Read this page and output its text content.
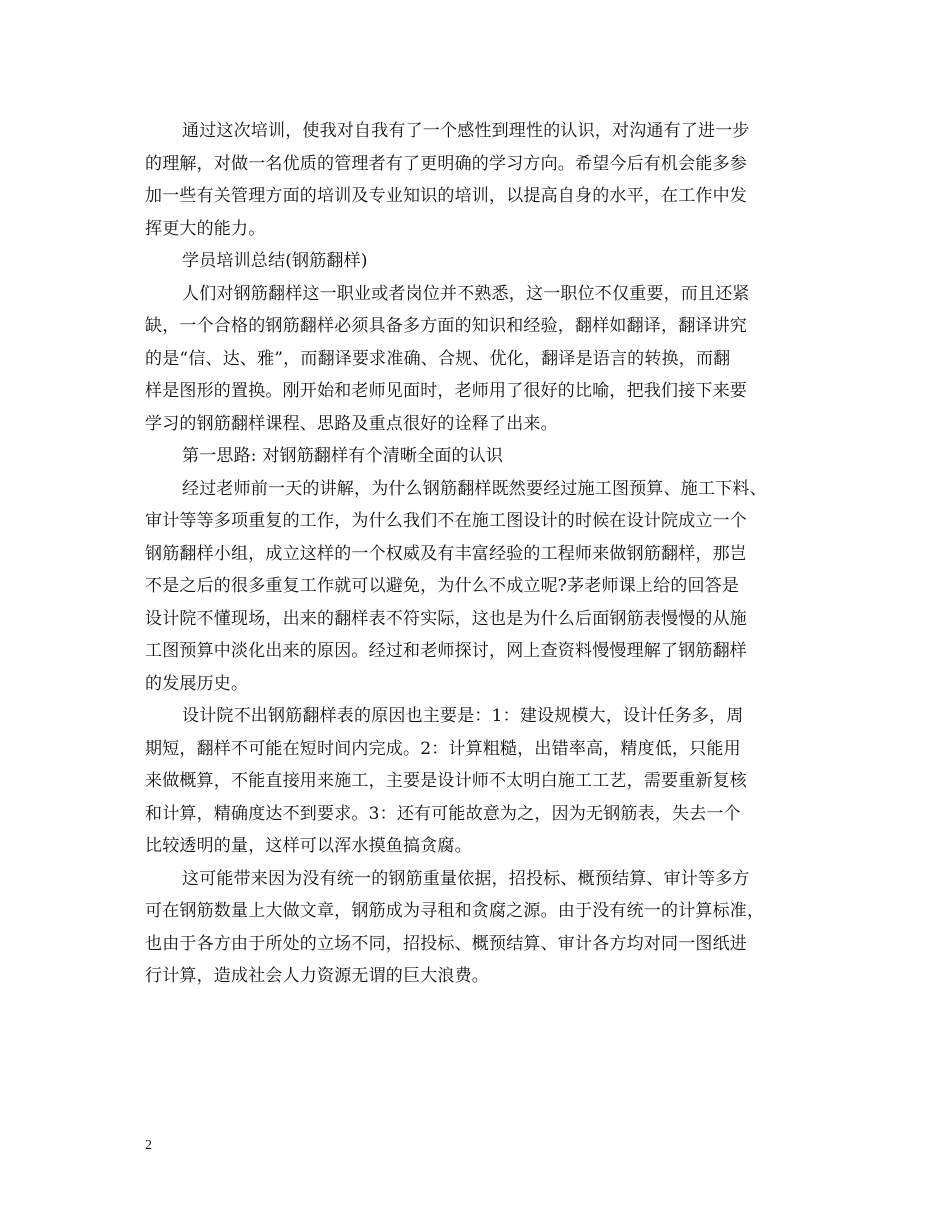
通过这次培训，使我对自我有了一个感性到理性的认识，对沟通有了进一步
的理解，对做一名优质的管理者有了更明确的学习方向。希望今后有机会能多参
加一些有关管理方面的培训及专业知识的培训，以提高自身的水平，在工作中发
挥更大的能力。
学员培训总结(钢筋翻样)
人们对钢筋翻样这一职业或者岗位并不熟悉，这一职位不仅重要，而且还紧
缺，一个合格的钢筋翻样必须具备多方面的知识和经验，翻样如翻译，翻译讲究
的是“信、达、雅”，而翻译要求准确、合规、优化，翻译是语言的转换，而翻
样是图形的置换。刚开始和老师见面时，老师用了很好的比喻，把我们接下来要
学习的钢筋翻样课程、思路及重点很好的诠释了出来。
第一思路: 对钢筋翻样有个清晰全面的认识
经过老师前一天的讲解，为什么钢筋翻样既然要经过施工图预算、施工下料、
审计等等多项重复的工作，为什么我们不在施工图设计的时候在设计院成立一个
钢筋翻样小组，成立这样的一个权威及有丰富经验的工程师来做钢筋翻样，那岂
不是之后的很多重复工作就可以避免，为什么不成立呢?茅老师课上给的回答是
设计院不懂现场，出来的翻样表不符实际，这也是为什么后面钢筋表慢慢的从施
工图预算中淡化出来的原因。经过和老师探讨，网上查资料慢慢理解了钢筋翻样
的发展历史。
设计院不出钢筋翻样表的原因也主要是：1：建设规模大，设计任务多，周
期短，翻样不可能在短时间内完成。2：计算粗糙，出错率高，精度低，只能用
来做概算，不能直接用来施工，主要是设计师不太明白施工工艺，需要重新复核
和计算，精确度达不到要求。3：还有可能故意为之，因为无钢筋表，失去一个
比较透明的量，这样可以浑水摸鱼搞贪腐。
这可能带来因为没有统一的钢筋重量依据，招投标、概预结算、审计等多方
可在钢筋数量上大做文章，钢筋成为寻租和贪腐之源。由于没有统一的计算标准，
也由于各方由于所处的立场不同，招投标、概预结算、审计各方均对同一图纸进
行计算，造成社会人力资源无谓的巨大浪费。
2
